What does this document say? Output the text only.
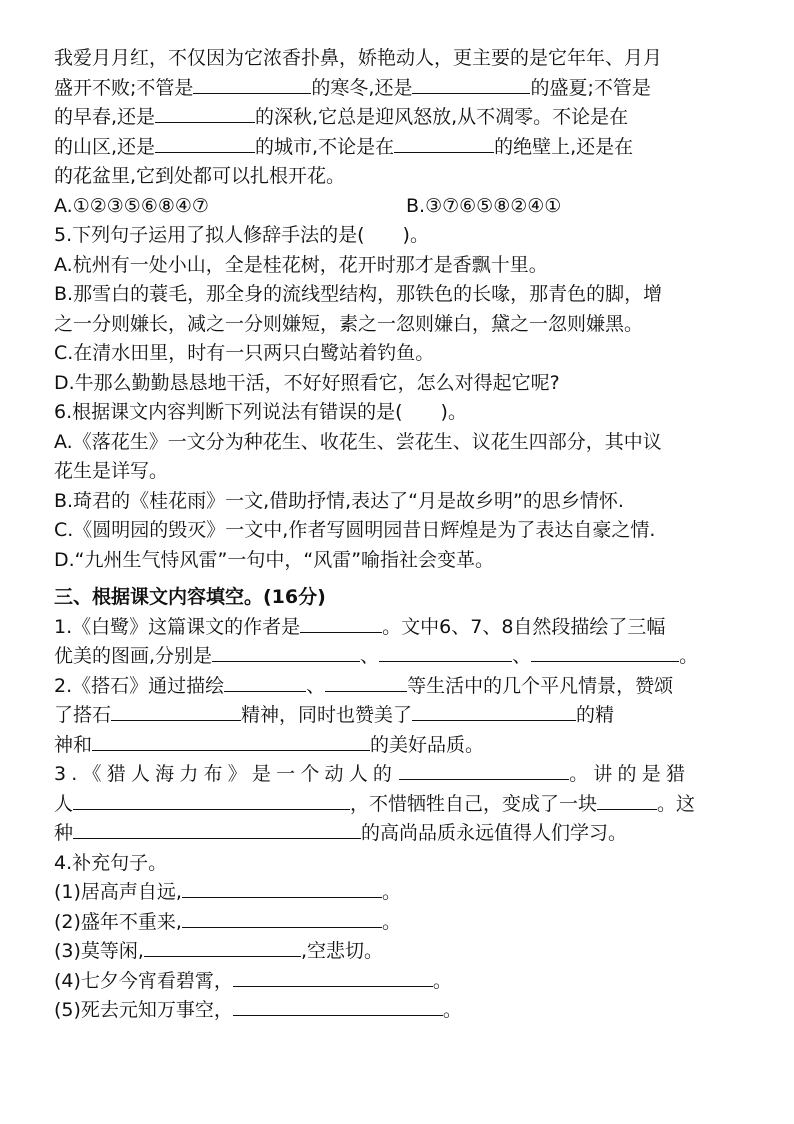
我爱月月红，不仅因为它浓香扑鼻，娇艳动人，更主要的是它年年、月月
盛开不败;不管是	的寒冬,还是	的盛夏;不管是
的早春,还是	的深秋,它总是迎风怒放,从不凋零。不论是在
的山区,还是	的城市,不论是在	的绝壁上,还是在
的花盆里,它到处都可以扎根开花。
A.①②③⑤⑥⑧④⑦	B.③⑦⑥⑤⑧②④①
5.下列句子运用了拟人修辞手法的是( )。
A.杭州有一处小山，全是桂花树，花开时那才是香飘十里。
B.那雪白的蓑毛，那全身的流线型结构，那铁色的长喙，那青色的脚，增
之一分则嫌长，减之一分则嫌短，素之一忽则嫌白，黛之一忽则嫌黑。
C.在清水田里，时有一只两只白鹭站着钓鱼。
D.牛那么勤勤恳恳地干活，不好好照看它，怎么对得起它呢?
6.根据课文内容判断下列说法有错误的是( )。
A.《落花生》一文分为种花生、收花生、尝花生、议花生四部分，其中议
花生是详写。
B.琦君的《桂花雨》一文,借助抒情,表达了“月是故乡明”的思乡情怀.
C.《圆明园的毁灭》一文中,作者写圆明园昔日辉煌是为了表达自豪之情.
D.“九州生气恃风雷”一句中，“风雷”喻指社会变革。
三、根据课文内容填空。(16分)
1.《白鹭》这篇课文的作者是	。文中6、7、8自然段描绘了三幅
优美的图画,分别是	、	、	。
2.《搭石》通过描绘	、	等生活中的几个平凡情景，赞颂
了搭石	精神，同时也赞美了	的精
神和	的美好品质。
3.《猎人海力布》是一个动人的	。讲的是猎
人	，不惜牺牲自己，变成了一块	。这
种	的高尚品质永远值得人们学习。
4.补充句子。
(1)居高声自远,	。
(2)盛年不重来,	。
(3)莫等闲,	,空悲切。
(4)七夕今宵看碧霄，	。
(5)死去元知万事空，	。
